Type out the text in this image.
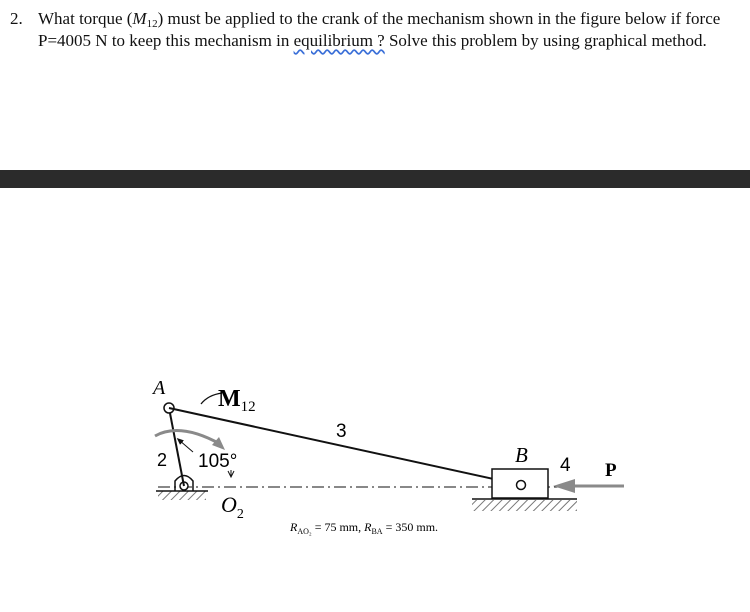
2. What torque $(M_{12})$ must be applied to the crank of the mechanism shown in the figure below if force P=4005 N to keep this mechanism in equilibrium ? Solve this problem by using graphical method.
A $M_{12}$
2 105°
$O_2$
3
B 4 P
$R_{AO_2} = 75$ mm, $R_{BA} = 350$ mm.
